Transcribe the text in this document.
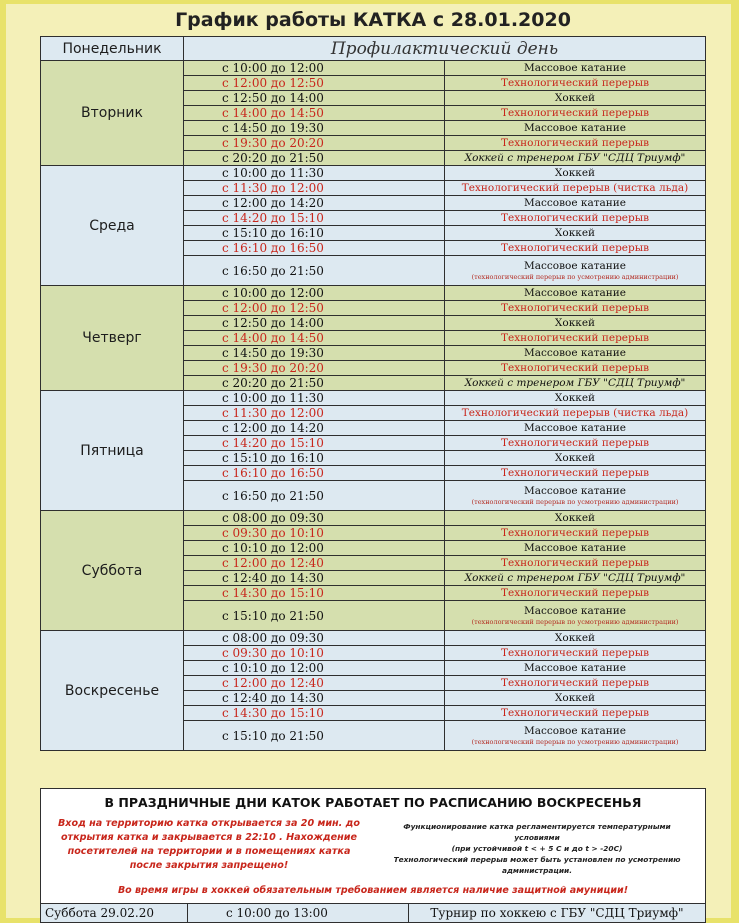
График работы КАТКА с 28.01.2020
Понедельник	Профилактический день	
Вторник	с 10:00 до 12:00	Массовое катание

	с 12:00 до 12:50	Технологический перерыв

	с 12:50 до 14:00	Хоккей

	с 14:00 до 14:50	Технологический перерыв

	с 14:50 до 19:30	Массовое катание

	с 19:30 до 20:20	Технологический перерыв

	с 20:20 до 21:50	Хоккей с тренером ГБУ "СДЦ Триумф"

Среда	с 10:00 до 11:30	Хоккей

	с 11:30 до 12:00	Технологический перерыв (чистка льда)

	с 12:00 до 14:20	Массовое катание

	с 14:20 до 15:10	Технологический перерыв

	с 15:10 до 16:10	Хоккей

	с 16:10 до 16:50	Технологический перерыв

	с 16:50 до 21:50	Массовое катание
(технологический перерыв по усмотрению администрации)

Четверг	с 10:00 до 12:00	Массовое катание

	с 12:00 до 12:50	Технологический перерыв

	с 12:50 до 14:00	Хоккей

	с 14:00 до 14:50	Технологический перерыв

	с 14:50 до 19:30	Массовое катание

	с 19:30 до 20:20	Технологический перерыв

	с 20:20 до 21:50	Хоккей с тренером ГБУ "СДЦ Триумф"

Пятница	с 10:00 до 11:30	Хоккей

	с 11:30 до 12:00	Технологический перерыв (чистка льда)

	с 12:00 до 14:20	Массовое катание

	с 14:20 до 15:10	Технологический перерыв

	с 15:10 до 16:10	Хоккей

	с 16:10 до 16:50	Технологический перерыв

	с 16:50 до 21:50	Массовое катание
(технологический перерыв по усмотрению администрации)

Суббота	с 08:00 до 09:30	Хоккей

	с 09:30 до 10:10	Технологический перерыв

	с 10:10 до 12:00	Массовое катание

	с 12:00 до 12:40	Технологический перерыв

	с 12:40 до 14:30	Хоккей с тренером ГБУ "СДЦ Триумф"

	с 14:30 до 15:10	Технологический перерыв

	с 15:10 до 21:50	Массовое катание
(технологический перерыв по усмотрению администрации)

Воскресенье	с 08:00 до 09:30	Хоккей

	с 09:30 до 10:10	Технологический перерыв

	с 10:10 до 12:00	Массовое катание

	с 12:00 до 12:40	Технологический перерыв

	с 12:40 до 14:30	Хоккей

	с 14:30 до 15:10	Технологический перерыв

	с 15:10 до 21:50	Массовое катание
(технологический перерыв по усмотрению администрации)
В ПРАЗДНИЧНЫЕ ДНИ КАТОК РАБОТАЕТ ПО РАСПИСАНИЮ ВОСКРЕСЕНЬЯ
Вход на территорию катка открывается за 20 мин. до
открытия катка и закрывается в 22:10 . Нахождение
посетителей на территории и в помещениях катка
после закрытия запрещено!
Функционирование катка регламентируется температурными
условиями
(при устойчивой t < + 5 С и до t > -20С)
Технологический перерыв может быть установлен по усмотрению
администрации.
Во время игры в хоккей обязательным требованием является наличие защитной амуниции!
Суббота 29.02.20	с 10:00 до 13:00	Турнир по хоккею с ГБУ "СДЦ Триумф"
